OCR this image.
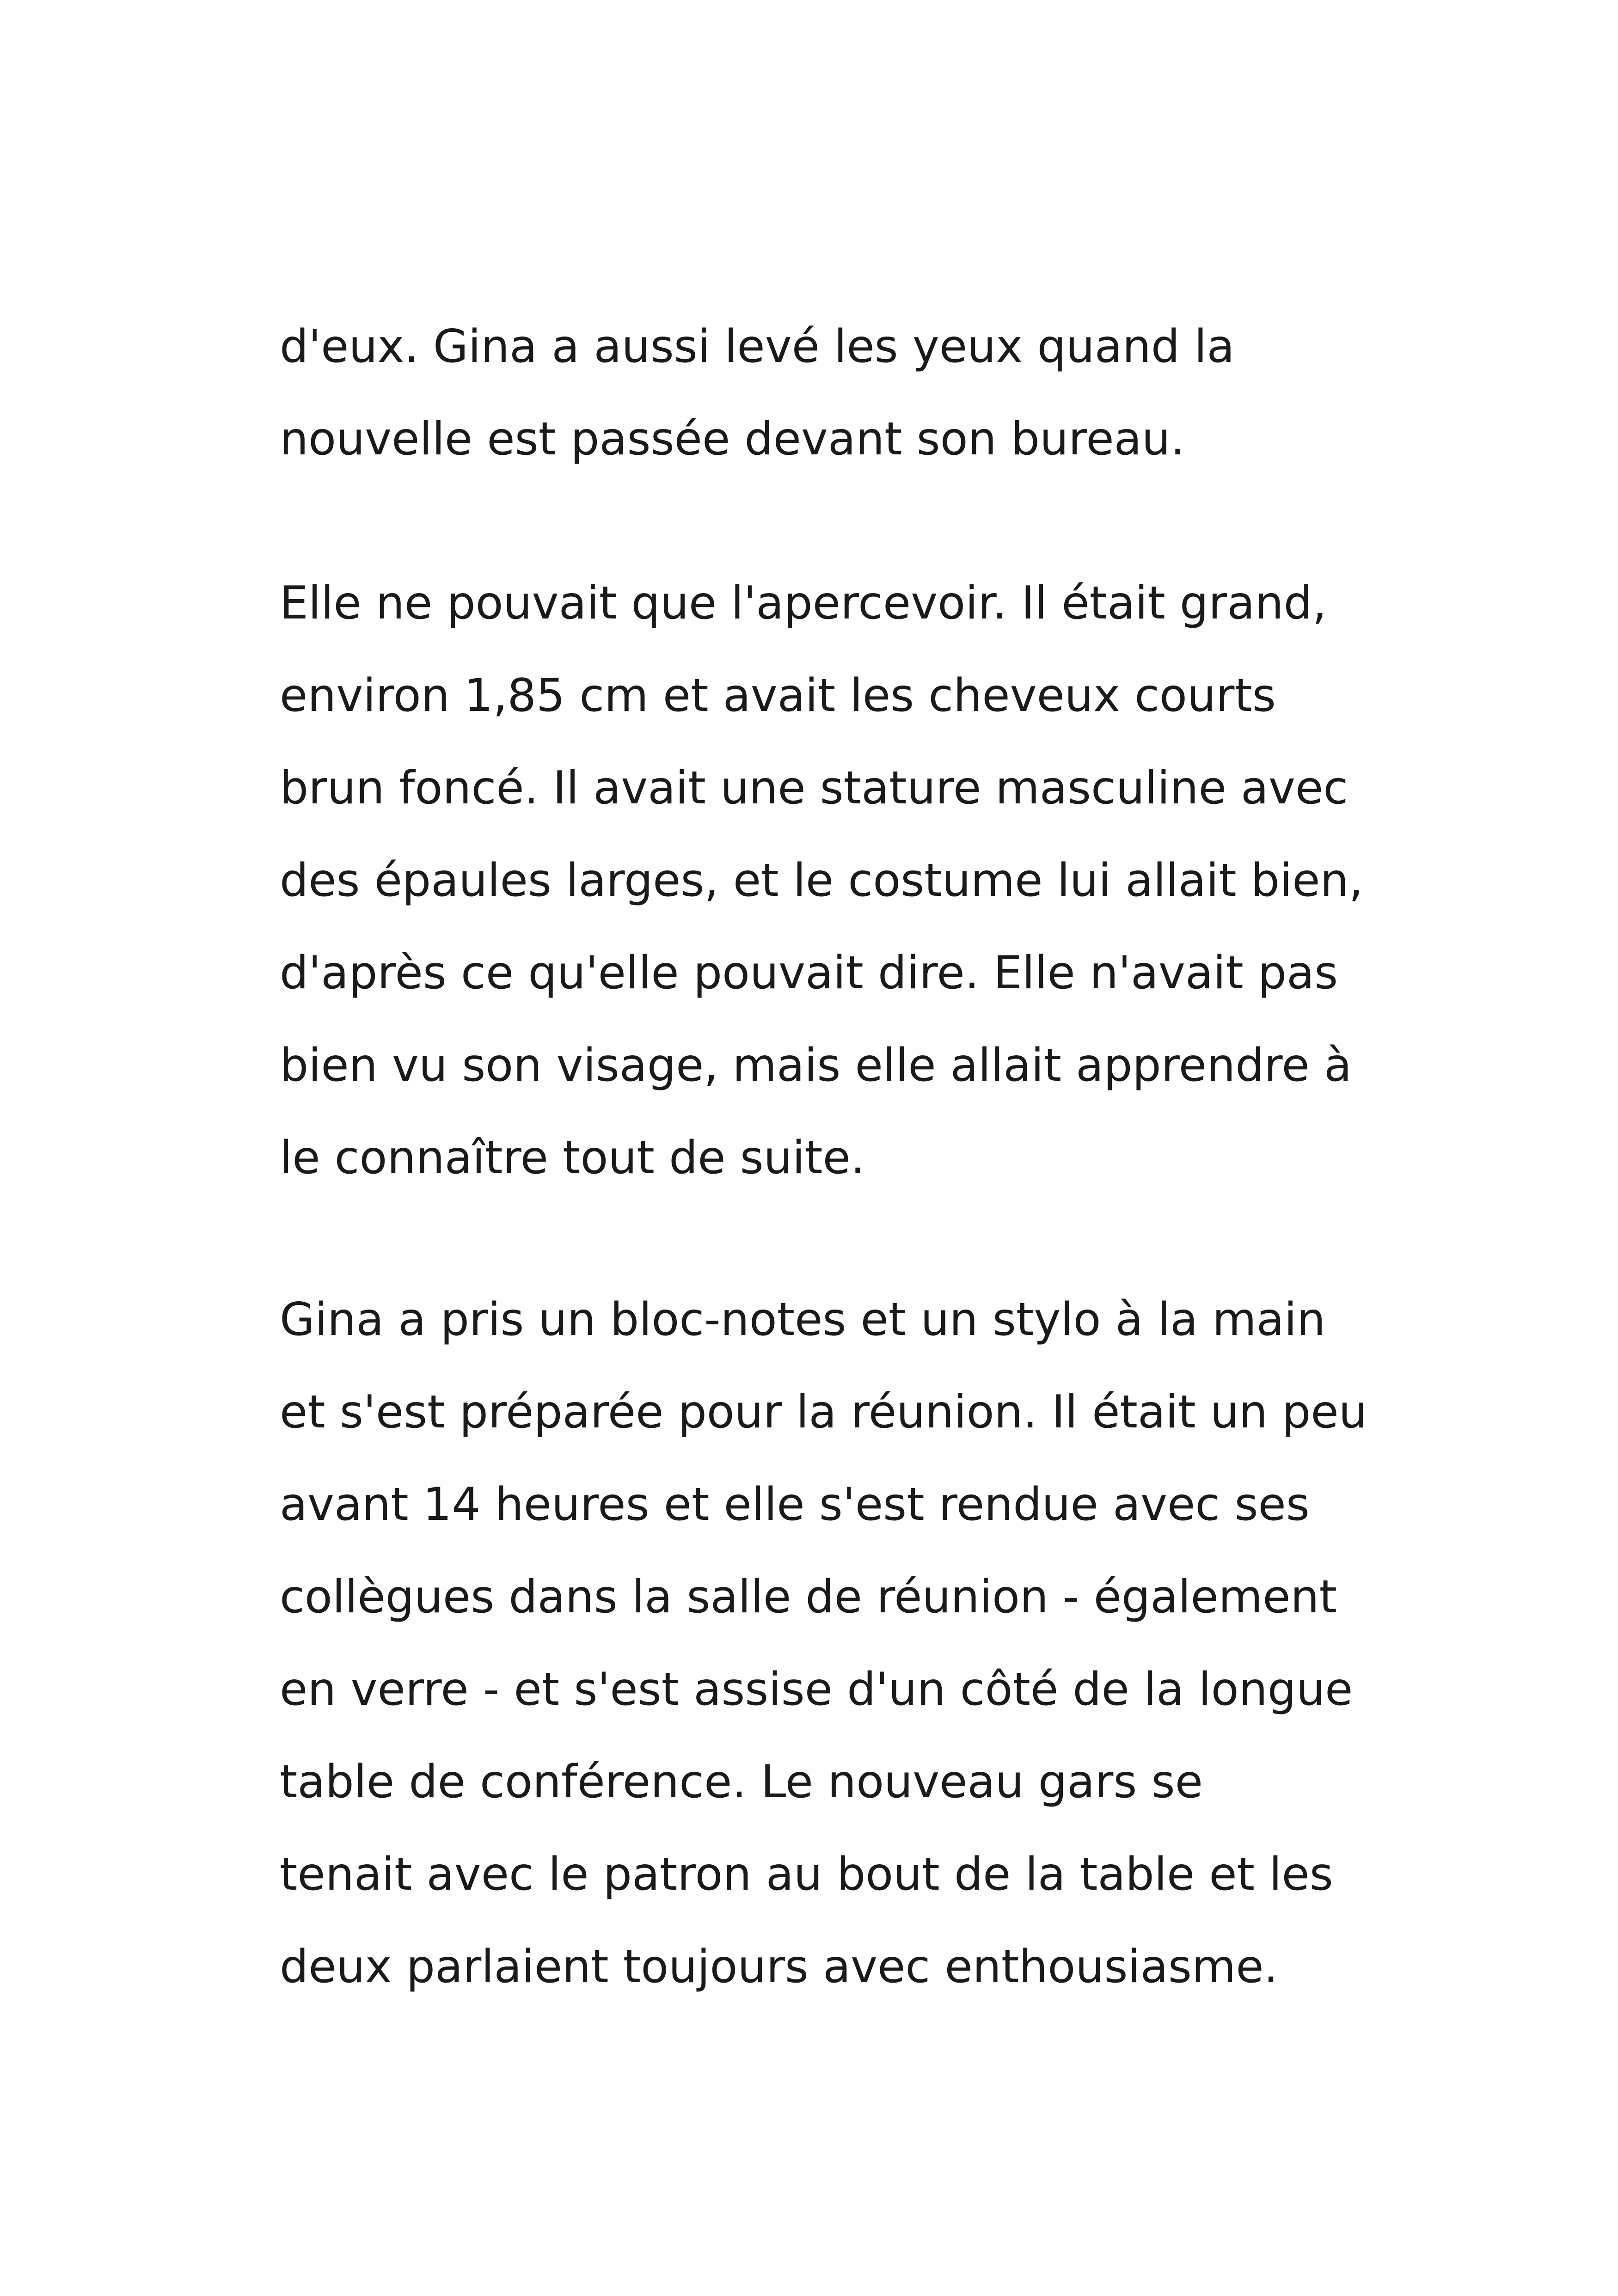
d'eux. Gina a aussi levé les yeux quand la
nouvelle est passée devant son bureau.
Elle ne pouvait que l'apercevoir. Il était grand,
environ 1,85 cm et avait les cheveux courts
brun foncé. Il avait une stature masculine avec
des épaules larges, et le costume lui allait bien,
d'après ce qu'elle pouvait dire. Elle n'avait pas
bien vu son visage, mais elle allait apprendre à
le connaître tout de suite.
Gina a pris un bloc-notes et un stylo à la main
et s'est préparée pour la réunion. Il était un peu
avant 14 heures et elle s'est rendue avec ses
collègues dans la salle de réunion - également
en verre - et s'est assise d'un côté de la longue
table de conférence. Le nouveau gars se
tenait avec le patron au bout de la table et les
deux parlaient toujours avec enthousiasme.
